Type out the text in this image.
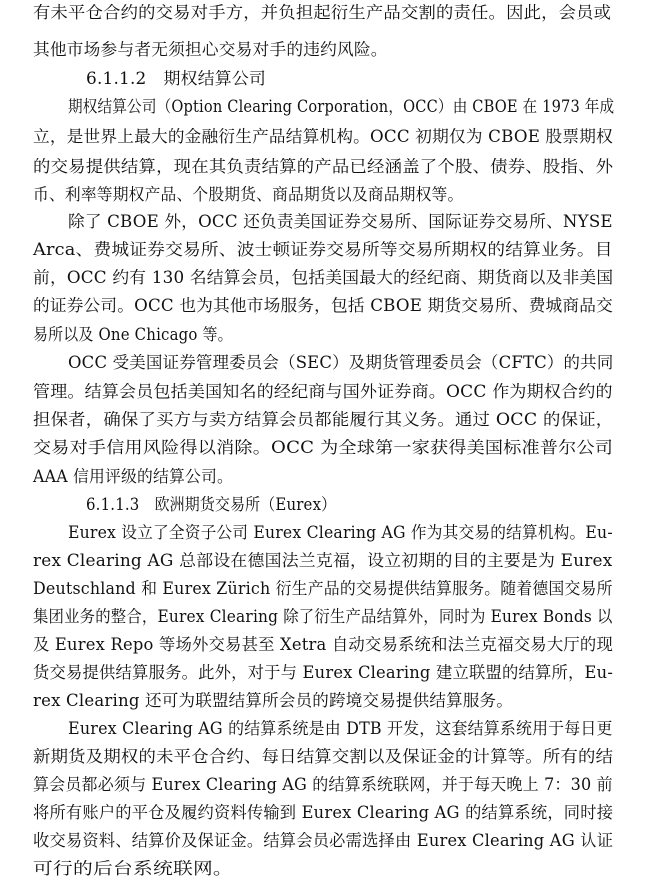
有未平仓合约的交易对手方，并负担起衍生产品交割的责任。因此，会员或
其他市场参与者无须担心交易对手的违约风险。
6.1.1.2　期权结算公司
期权结算公司（Option Clearing Corporation，OCC）由 CBOE 在 1973 年成
立，是世界上最大的金融衍生产品结算机构。OCC 初期仅为 CBOE 股票期权
的交易提供结算，现在其负责结算的产品已经涵盖了个股、债券、股指、外
币、利率等期权产品、个股期货、商品期货以及商品期权等。
除了 CBOE 外，OCC 还负责美国证券交易所、国际证券交易所、NYSE
Arca、费城证券交易所、波士顿证券交易所等交易所期权的结算业务。目
前，OCC 约有 130 名结算会员，包括美国最大的经纪商、期货商以及非美国
的证券公司。OCC 也为其他市场服务，包括 CBOE 期货交易所、费城商品交
易所以及 One Chicago 等。
OCC 受美国证券管理委员会（SEC）及期货管理委员会（CFTC）的共同
管理。结算会员包括美国知名的经纪商与国外证券商。OCC 作为期权合约的
担保者，确保了买方与卖方结算会员都能履行其义务。通过 OCC 的保证，
交易对手信用风险得以消除。OCC 为全球第一家获得美国标准普尔公司
AAA 信用评级的结算公司。
6.1.1.3　欧洲期货交易所（Eurex）
Eurex 设立了全资子公司 Eurex Clearing AG 作为其交易的结算机构。Eu-
rex Clearing AG 总部设在德国法兰克福，设立初期的目的主要是为 Eurex
Deutschland 和 Eurex Zürich 衍生产品的交易提供结算服务。随着德国交易所
集团业务的整合，Eurex Clearing 除了衍生产品结算外，同时为 Eurex Bonds 以
及 Eurex Repo 等场外交易甚至 Xetra 自动交易系统和法兰克福交易大厅的现
货交易提供结算服务。此外，对于与 Eurex Clearing 建立联盟的结算所，Eu-
rex Clearing 还可为联盟结算所会员的跨境交易提供结算服务。
Eurex Clearing AG 的结算系统是由 DTB 开发，这套结算系统用于每日更
新期货及期权的未平仓合约、每日结算交割以及保证金的计算等。所有的结
算会员都必须与 Eurex Clearing AG 的结算系统联网，并于每天晚上 7：30 前
将所有账户的平仓及履约资料传输到 Eurex Clearing AG 的结算系统，同时接
收交易资料、结算价及保证金。结算会员必需选择由 Eurex Clearing AG 认证
可行的后台系统联网。
